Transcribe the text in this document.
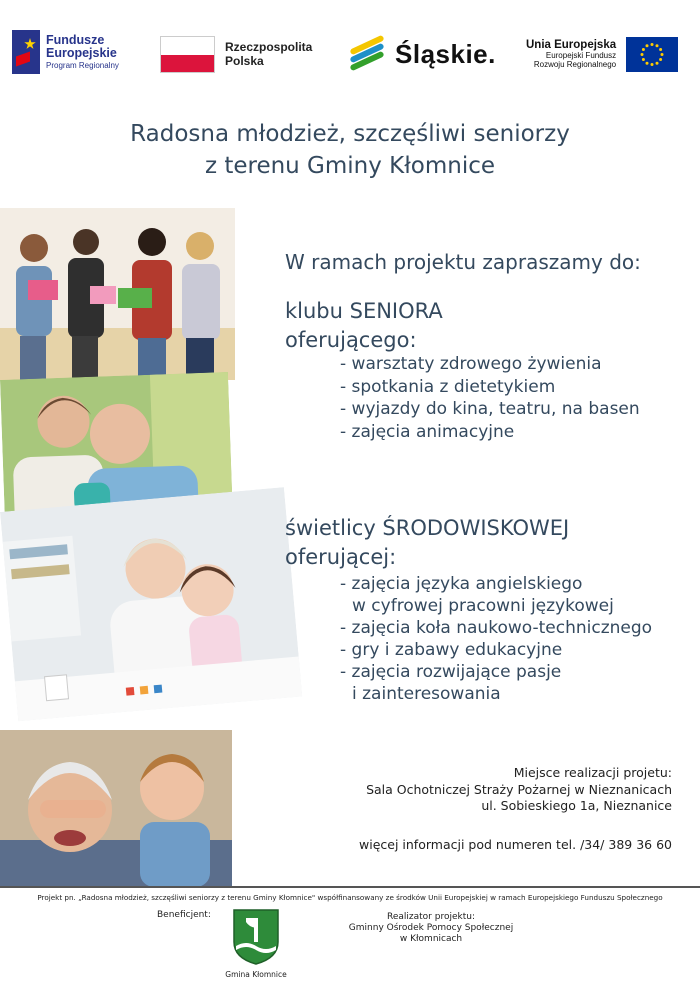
Fundusze
Europejskie
Program Regionalny
Rzeczpospolita
Polska	Śląskie.	Unia Europejska
Europejski Fundusz
Rozwoju Regionalnego
Radosna młodzież, szczęśliwi seniorzy
z terenu Gminy Kłomnice
W ramach projektu zapraszamy do:
klubu SENIORA
oferującego:
- warsztaty zdrowego żywienia
- spotkania z dietetykiem
- wyjazdy do kina, teatru, na basen
- zajęcia animacyjne
świetlicy ŚRODOWISKOWEJ
oferującej:
- zajęcia języka angielskiego
w cyfrowej pracowni językowej
- zajęcia koła naukowo-technicznego
- gry i zabawy edukacyjne
- zajęcia rozwijające pasje
i zainteresowania
Miejsce realizacji projetu:
Sala Ochotniczej Straży Pożarnej w Nieznanicach
ul. Sobieskiego 1a, Nieznanice
więcej informacji pod numeren tel. /34/ 389 36 60
Projekt pn. „Radosna młodzież, szczęśliwi seniorzy z terenu Gminy Kłomnice" współfinansowany ze środków Unii Europejskiej w ramach Europejskiego Funduszu Społecznego
Beneficjent:
Gmina Kłomnice
Realizator projektu:
Gminny Ośrodek Pomocy Społecznej
w Kłomnicach
